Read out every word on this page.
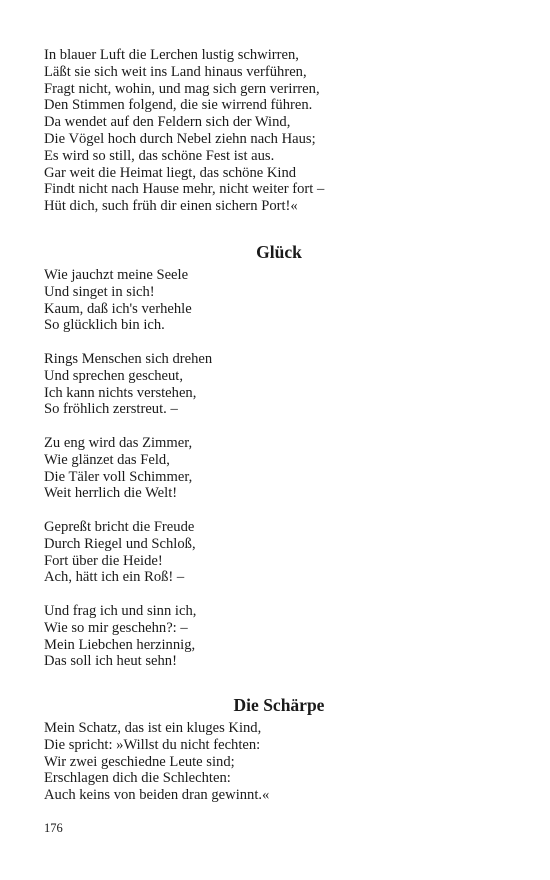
In blauer Luft die Lerchen lustig schwirren,

Läßt sie sich weit ins Land hinaus verführen,

Fragt nicht, wohin, und mag sich gern verirren,

Den Stimmen folgend, die sie wirrend führen.

Da wendet auf den Feldern sich der Wind,

Die Vögel hoch durch Nebel ziehn nach Haus;

Es wird so still, das schöne Fest ist aus.

Gar weit die Heimat liegt, das schöne Kind

Findt nicht nach Hause mehr, nicht weiter fort –

Hüt dich, such früh dir einen sichern Port!«

Glück

Wie jauchzt meine Seele

Und singet in sich!

Kaum, daß ich's verhehle

So glücklich bin ich.

Rings Menschen sich drehen

Und sprechen gescheut,

Ich kann nichts verstehen,

So fröhlich zerstreut. –

Zu eng wird das Zimmer,

Wie glänzet das Feld,

Die Täler voll Schimmer,

Weit herrlich die Welt!

Gepreßt bricht die Freude

Durch Riegel und Schloß,

Fort über die Heide!

Ach, hätt ich ein Roß! –

Und frag ich und sinn ich,

Wie so mir geschehn?: –

Mein Liebchen herzinnig,

Das soll ich heut sehn!

Die Schärpe

Mein Schatz, das ist ein kluges Kind,

Die spricht: »Willst du nicht fechten:

Wir zwei geschiedne Leute sind;

Erschlagen dich die Schlechten:

Auch keins von beiden dran gewinnt.«

176
